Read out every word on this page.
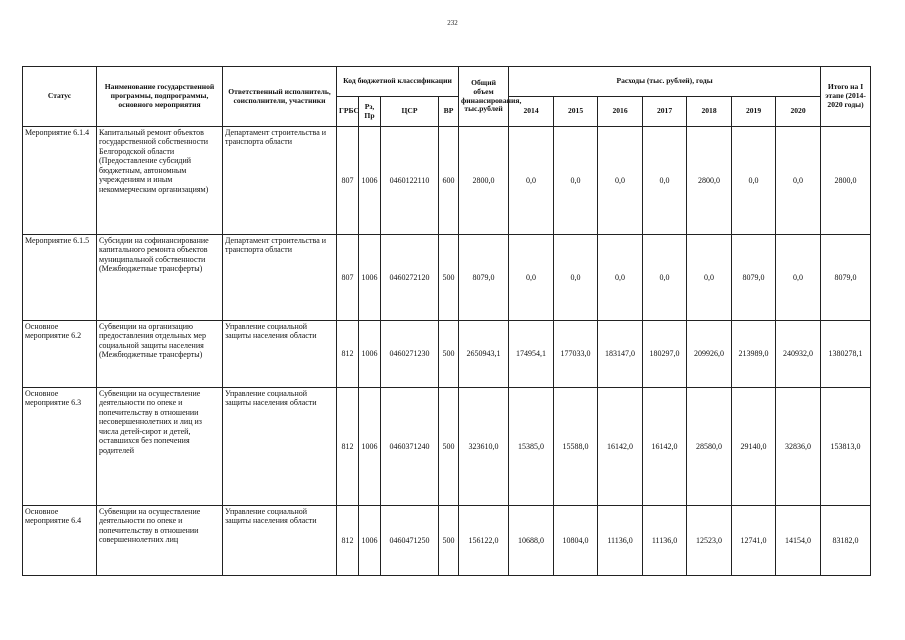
232
Статус	Наименование государственной программы, подпрограммы, основного мероприятия	Ответственный исполнитель, соисполнители, участники	Код бюджетной классификации				Общий объем финансирования, тыс.рублей	Расходы (тыс. рублей), годы							Итого на I этапе (2014-2020 годы)
			ГРБС	Рз, Пр	ЦСР	ВР		2014	2015	2016	2017	2018	2019	2020	
Мероприятие 6.1.4	Капитальный ремонт объектов государственной собственности Белгородской области (Предоставление субсидий бюджетным, автономным учреждениям и иным некоммерческим организациям)	Департамент строительства и транспорта области	807	1006	0460122110	600	2800,0	0,0	0,0	0,0	0,0	2800,0	0,0	0,0	2800,0
Мероприятие 6.1.5	Субсидии на софинансирование капитального ремонта объектов муниципальной собственности (Межбюджетные трансферты)	Департамент строительства и транспорта области	807	1006	0460272120	500	8079,0	0,0	0,0	0,0	0,0	0,0	8079,0	0,0	8079,0
Основное мероприятие 6.2	Субвенции на организацию предоставления отдельных мер социальной защиты населения (Межбюджетные трансферты)	Управление социальной защиты населения области	812	1006	0460271230	500	2650943,1	174954,1	177033,0	183147,0	180297,0	209926,0	213989,0	240932,0	1380278,1
Основное мероприятие 6.3	Субвенции на осуществление деятельности по опеке и попечительству в отношении несовершеннолетних и лиц из числа детей-сирот и детей, оставшихся без попечения родителей	Управление социальной защиты населения области	812	1006	0460371240	500	323610,0	15385,0	15588,0	16142,0	16142,0	28580,0	29140,0	32836,0	153813,0
Основное мероприятие 6.4	Субвенции на осуществление деятельности по опеке и попечительству в отношении совершеннолетних лиц	Управление социальной защиты населения области	812	1006	0460471250	500	156122,0	10688,0	10804,0	11136,0	11136,0	12523,0	12741,0	14154,0	83182,0
